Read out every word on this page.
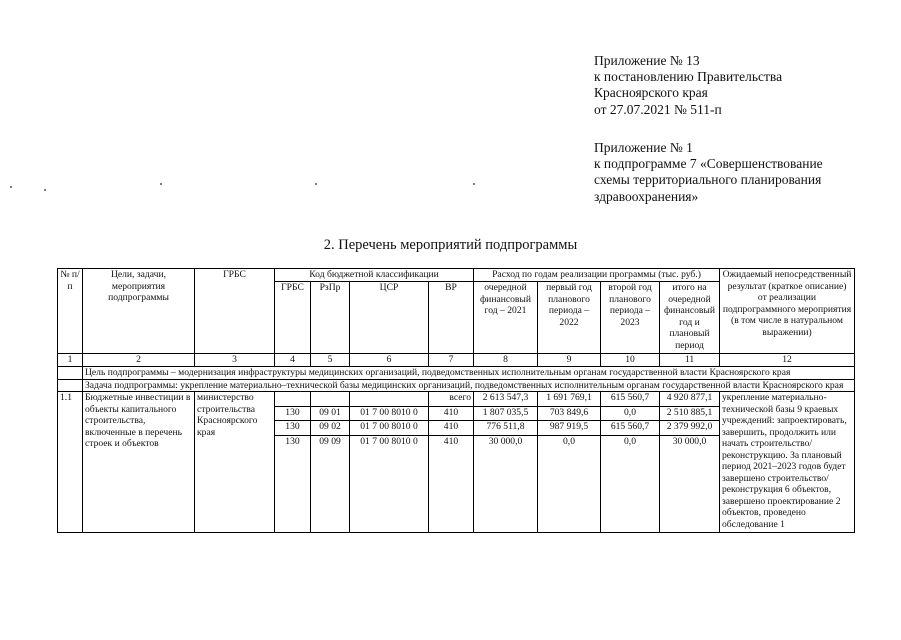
Приложение № 13
к постановлению Правительства
Красноярского края
от 27.07.2021 № 511-п
Приложение № 1
к подпрограмме 7 «Совершенствование
схемы территориального планирования
здравоохранения»
2. Перечень мероприятий подпрограммы
№ п/п	Цели, задачи, мероприятия подпрограммы	ГРБС	Код бюджетной классификации				Расход по годам реализации программы (тыс. руб.)				Ожидаемый непосредственный результат (краткое описание) от реализации подпрограммного мероприятия (в том числе в натуральном выражении)
			ГРБС	РзПр	ЦСР	ВР	очередной финансовый год – 2021	первый год планового периода – 2022	второй год планового периода – 2023	итого на очередной финансовый год и плановый период	

1	2	3	4	5	6	7	8	9	10	11	12
	Цель подпрограммы – модернизация инфраструктуры медицинских организаций, подведомственных исполнительным органам государственной власти Красноярского края										
	Задача подпрограммы: укрепление материально–технической базы медицинских организаций, подведомственных исполнительным органам государственной власти Красноярского края										
1.1	Бюджетные инвестиции в объекты капитального строительства, включенные в перечень строек и объектов	министерство строительства Красноярского края				всего	2 613 547,3	1 691 769,1	615 560,7	4 920 877,1	укрепление материально-технической базы 9 краевых учреждений: запроектировать, завершить, продолжить или начать строительство/ реконструкцию. За плановый период 2021–2023 годов будет завершено строительство/реконструкция 6 объектов, завершено проектирование 2 объектов, проведено обследование 1
			130	09 01	01 7 00 8010 0	410	1 807 035,5	703 849,6	0,0	2 510 885,1	
			130	09 02	01 7 00 8010 0	410	776 511,8	987 919,5	615 560,7	2 379 992,0	
			130	09 09	01 7 00 8010 0	410	30 000,0	0,0	0,0	30 000,0	
